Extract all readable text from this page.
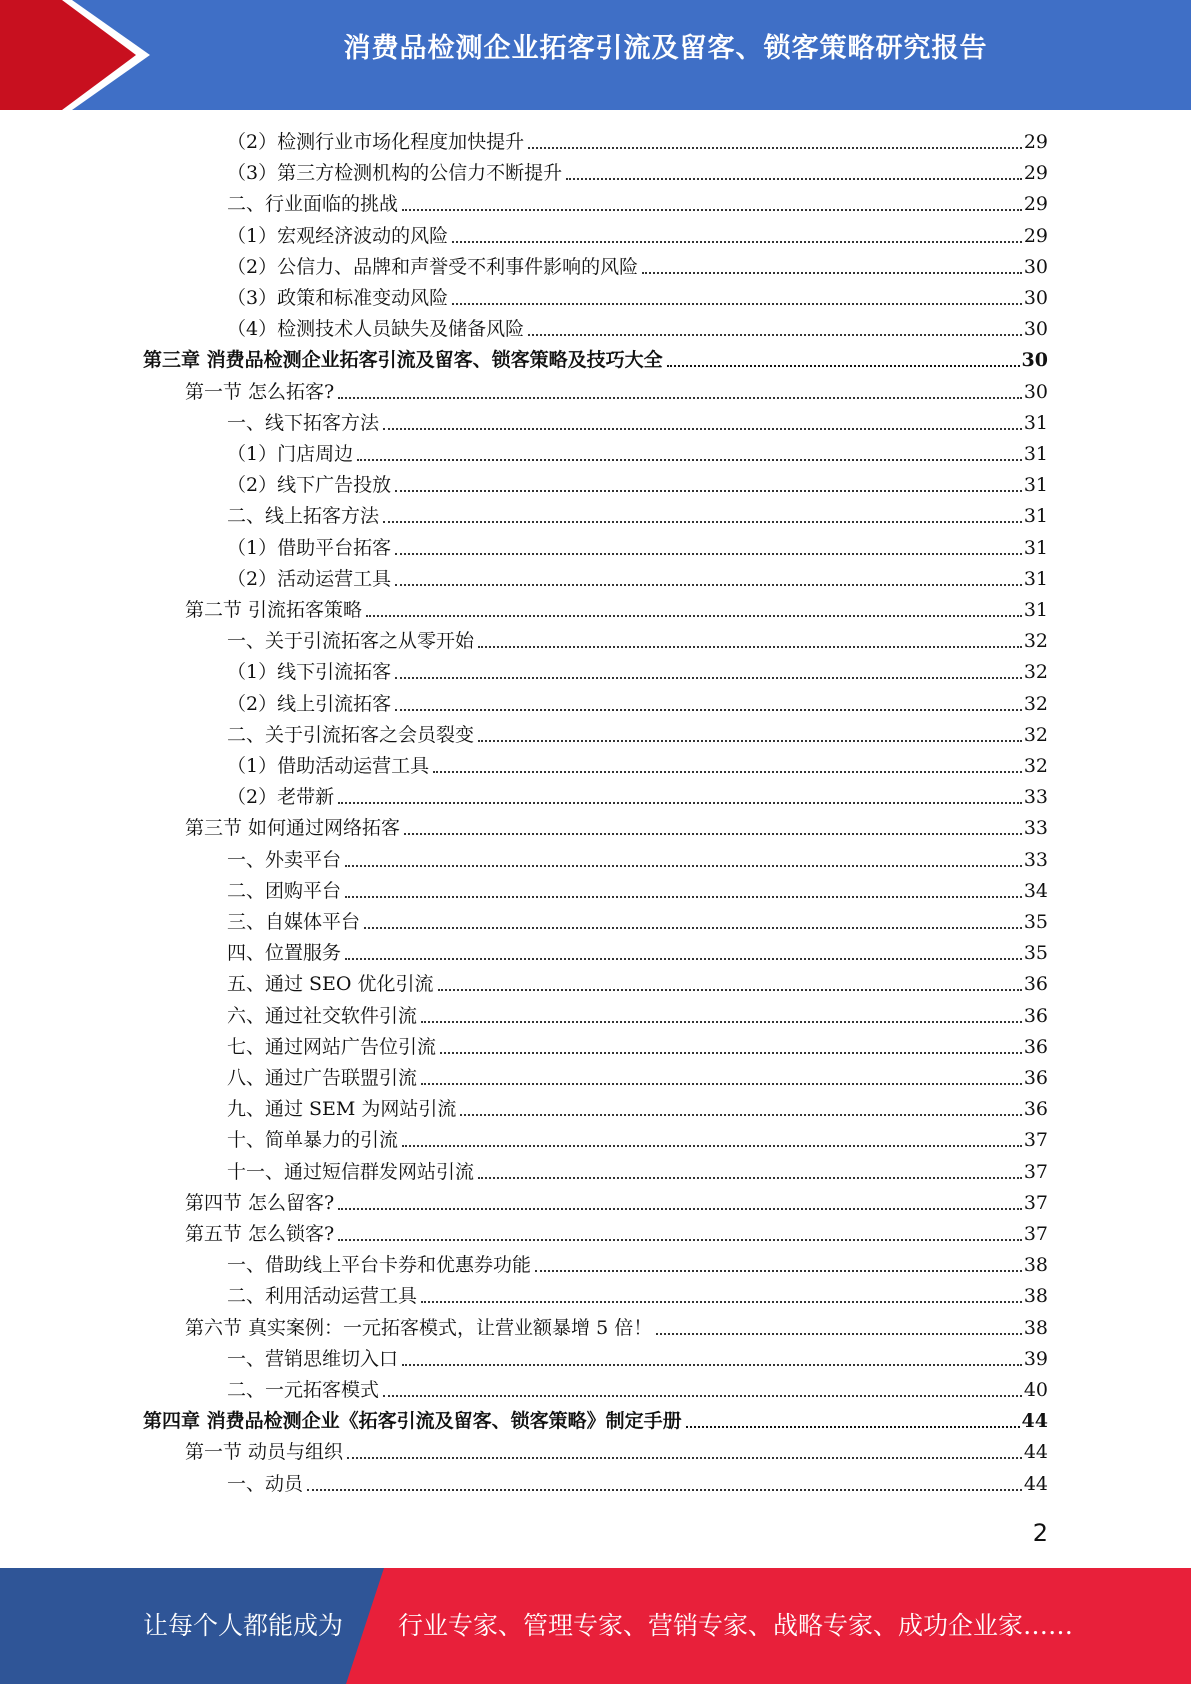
消费品检测企业拓客引流及留客、锁客策略研究报告
（2）检测行业市场化程度加快提升	29
（3）第三方检测机构的公信力不断提升	29
二、行业面临的挑战	29
（1）宏观经济波动的风险	29
（2）公信力、品牌和声誉受不利事件影响的风险	30
（3）政策和标准变动风险	30
（4）检测技术人员缺失及储备风险	30
第三章 消费品检测企业拓客引流及留客、锁客策略及技巧大全	30
第一节 怎么拓客?	30
一、线下拓客方法	31
（1）门店周边	31
（2）线下广告投放	31
二、线上拓客方法	31
（1）借助平台拓客	31
（2）活动运营工具	31
第二节 引流拓客策略	31
一、关于引流拓客之从零开始	32
（1）线下引流拓客	32
（2）线上引流拓客	32
二、关于引流拓客之会员裂变	32
（1）借助活动运营工具	32
（2）老带新	33
第三节 如何通过网络拓客	33
一、外卖平台	33
二、团购平台	34
三、自媒体平台	35
四、位置服务	35
五、通过 SEO 优化引流	36
六、通过社交软件引流	36
七、通过网站广告位引流	36
八、通过广告联盟引流	36
九、通过 SEM 为网站引流	36
十、简单暴力的引流	37
十一、通过短信群发网站引流	37
第四节 怎么留客?	37
第五节 怎么锁客?	37
一、借助线上平台卡券和优惠券功能	38
二、利用活动运营工具	38
第六节 真实案例：一元拓客模式，让营业额暴增 5 倍！	38
一、营销思维切入口	39
二、一元拓客模式	40
第四章 消费品检测企业《拓客引流及留客、锁客策略》制定手册	44
第一节 动员与组织	44
一、动员	44
2
让每个人都能成为 行业专家、管理专家、营销专家、战略专家、成功企业家……
